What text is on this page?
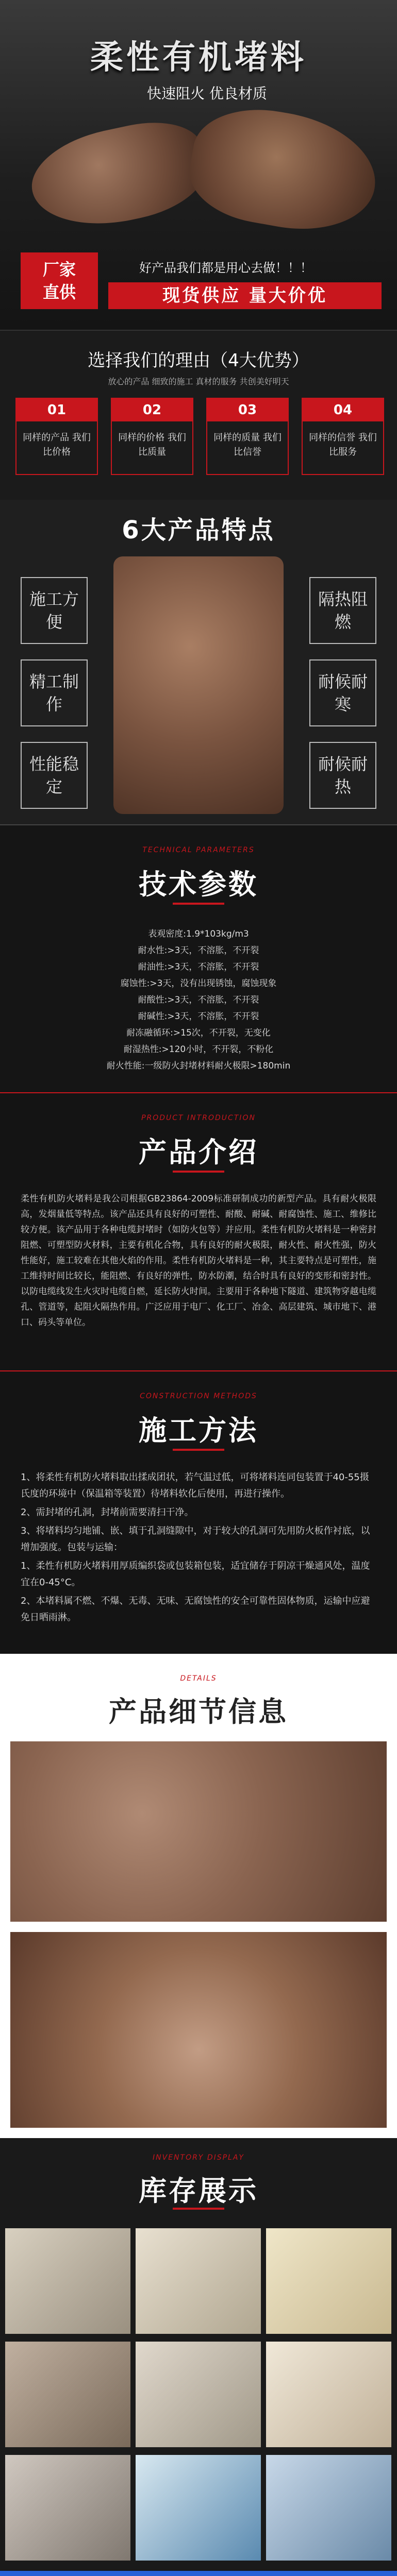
柔性有机堵料
快速阻火 优良材质
厂家
直供
好产品我们都是用心去做！！！
现货供应 量大价优
选择我们的理由（4大优势）
放心的产品 细致的施工 真材的服务 共创美好明天
01
同样的产品 我们比价格
02
同样的价格 我们比质量
03
同样的质量 我们比信誉
04
同样的信誉 我们比服务
6大产品特点
施工方便
隔热阻燃
精工制作
耐候耐寒
性能稳定
耐候耐热
TECHNICAL PARAMETERS
技术参数
表观密度:1.9*103kg/m3
耐水性:>3天，不溶胀，不开裂
耐油性:>3天，不溶胀，不开裂
腐蚀性:>3天，没有出现锈蚀，腐蚀现象
耐酸性:>3天，不溶胀，不开裂
耐碱性:>3天，不溶胀，不开裂
耐冻融循环:>15次，不开裂，无变化
耐湿热性:>120小时，不开裂，不粉化
耐火性能:一级防火封堵材料耐火极限>180min
PRODUCT INTRODUCTION
产品介绍
柔性有机防火堵料是我公司根据GB23864-2009标准研制成功的新型产品。具有耐火极限高，发烟量低等特点。该产品还具有良好的可塑性、耐酸、耐碱、耐腐蚀性、施工、维修比较方便。该产品用于各种电缆封堵时（如防火包等）并应用。柔性有机防火堵料是一种密封阻燃、可塑型防火材料，主要有机化合物，具有良好的耐火极限，耐火性、耐火性强，防火性能好，施工较难在其他火焰的作用。柔性有机防火堵料是一种，其主要特点是可塑性，施工维持时间比较长，能阻燃、有良好的弹性，防水防潮，结合时具有良好的变形和密封性。以防电缆线发生火灾时电缆自燃，延长防火时间。主要用于各种地下隧道、建筑物穿越电缆孔、管道等，起阻火隔热作用。广泛应用于电厂、化工厂、冶金、高层建筑、城市地下、港口、码头等单位。
CONSTRUCTION METHODS
施工方法

1、将柔性有机防火堵料取出揉成团状，若气温过低，可将堵料连同包装置于40-55摄氏度的环境中（保温箱等装置）待堵料软化后使用，再进行操作。

2、需封堵的孔洞，封堵前需要清扫干净。

3、将堵料均匀地铺、嵌、填于孔洞缝隙中，对于较大的孔洞可先用防火板作衬底，以增加强度。包装与运输：

1、柔性有机防火堵料用厚质编织袋或包装箱包装，适宜储存于阴凉干燥通风处，温度宜在0-45°C。

2、本堵料属不燃、不爆、无毒、无味、无腐蚀性的安全可靠性固体物质，运输中应避免日晒雨淋。

DETAILS
产品细节信息
INVENTORY DISPLAY
库存展示
